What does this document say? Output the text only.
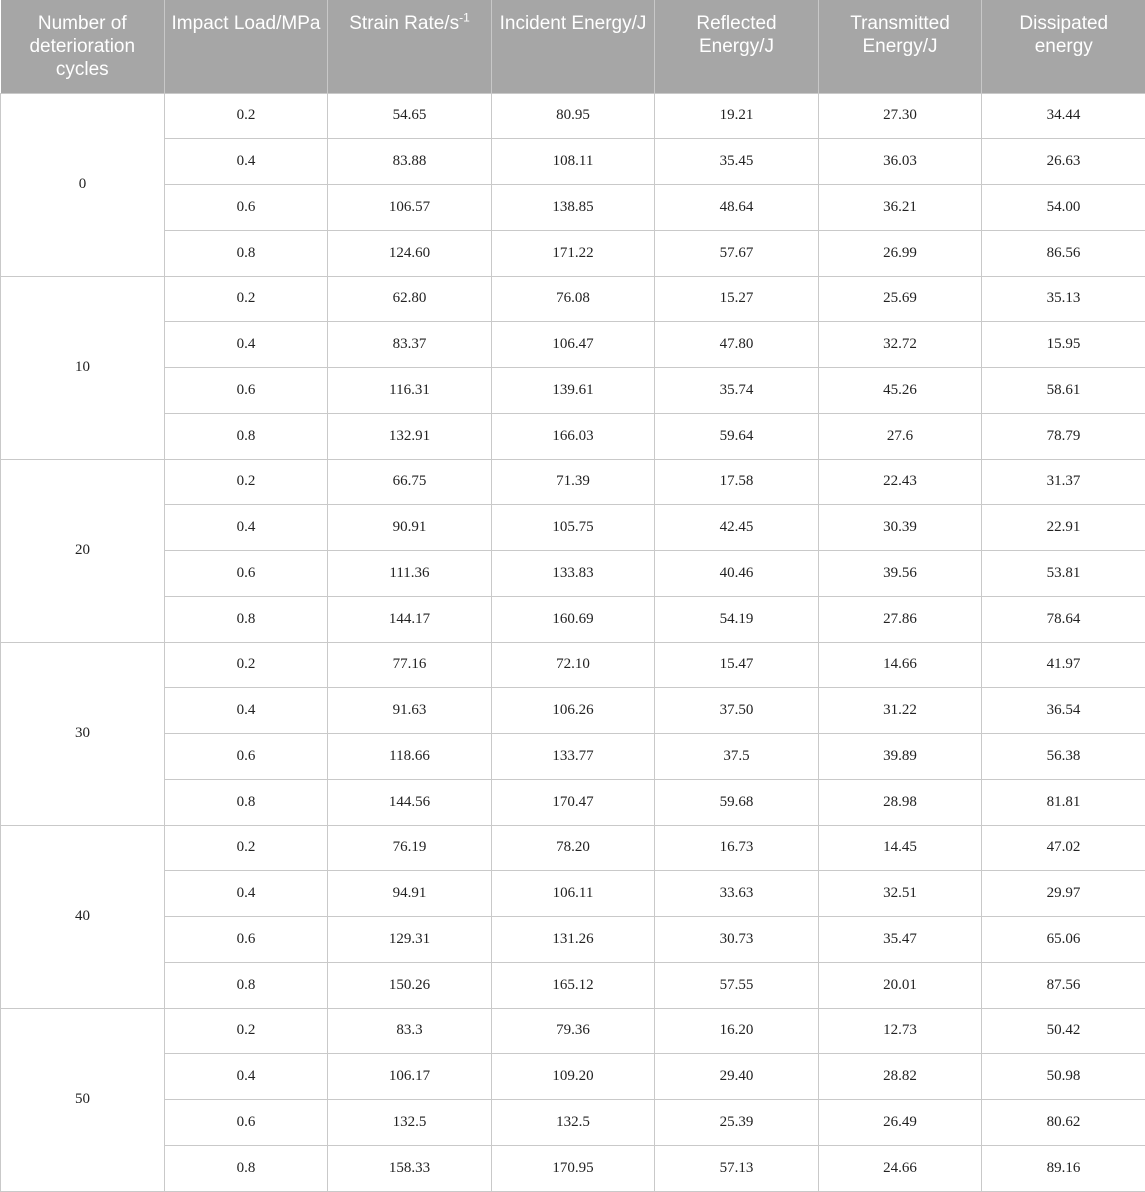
Number of deterioration cycles	Impact Load/MPa	Strain Rate/$s^{-1}$	Incident Energy/J	Reflected Energy/J	Transmitted Energy/J	Dissipated energy
0	0.2	54.65	80.95	19.21	27.30	34.44
	0.4	83.88	108.11	35.45	36.03	26.63
	0.6	106.57	138.85	48.64	36.21	54.00
	0.8	124.60	171.22	57.67	26.99	86.56
10	0.2	62.80	76.08	15.27	25.69	35.13
	0.4	83.37	106.47	47.80	32.72	15.95
	0.6	116.31	139.61	35.74	45.26	58.61
	0.8	132.91	166.03	59.64	27.6	78.79
20	0.2	66.75	71.39	17.58	22.43	31.37
	0.4	90.91	105.75	42.45	30.39	22.91
	0.6	111.36	133.83	40.46	39.56	53.81
	0.8	144.17	160.69	54.19	27.86	78.64
30	0.2	77.16	72.10	15.47	14.66	41.97
	0.4	91.63	106.26	37.50	31.22	36.54
	0.6	118.66	133.77	37.5	39.89	56.38
	0.8	144.56	170.47	59.68	28.98	81.81
40	0.2	76.19	78.20	16.73	14.45	47.02
	0.4	94.91	106.11	33.63	32.51	29.97
	0.6	129.31	131.26	30.73	35.47	65.06
	0.8	150.26	165.12	57.55	20.01	87.56
50	0.2	83.3	79.36	16.20	12.73	50.42
	0.4	106.17	109.20	29.40	28.82	50.98
	0.6	132.5	132.5	25.39	26.49	80.62
	0.8	158.33	170.95	57.13	24.66	89.16
